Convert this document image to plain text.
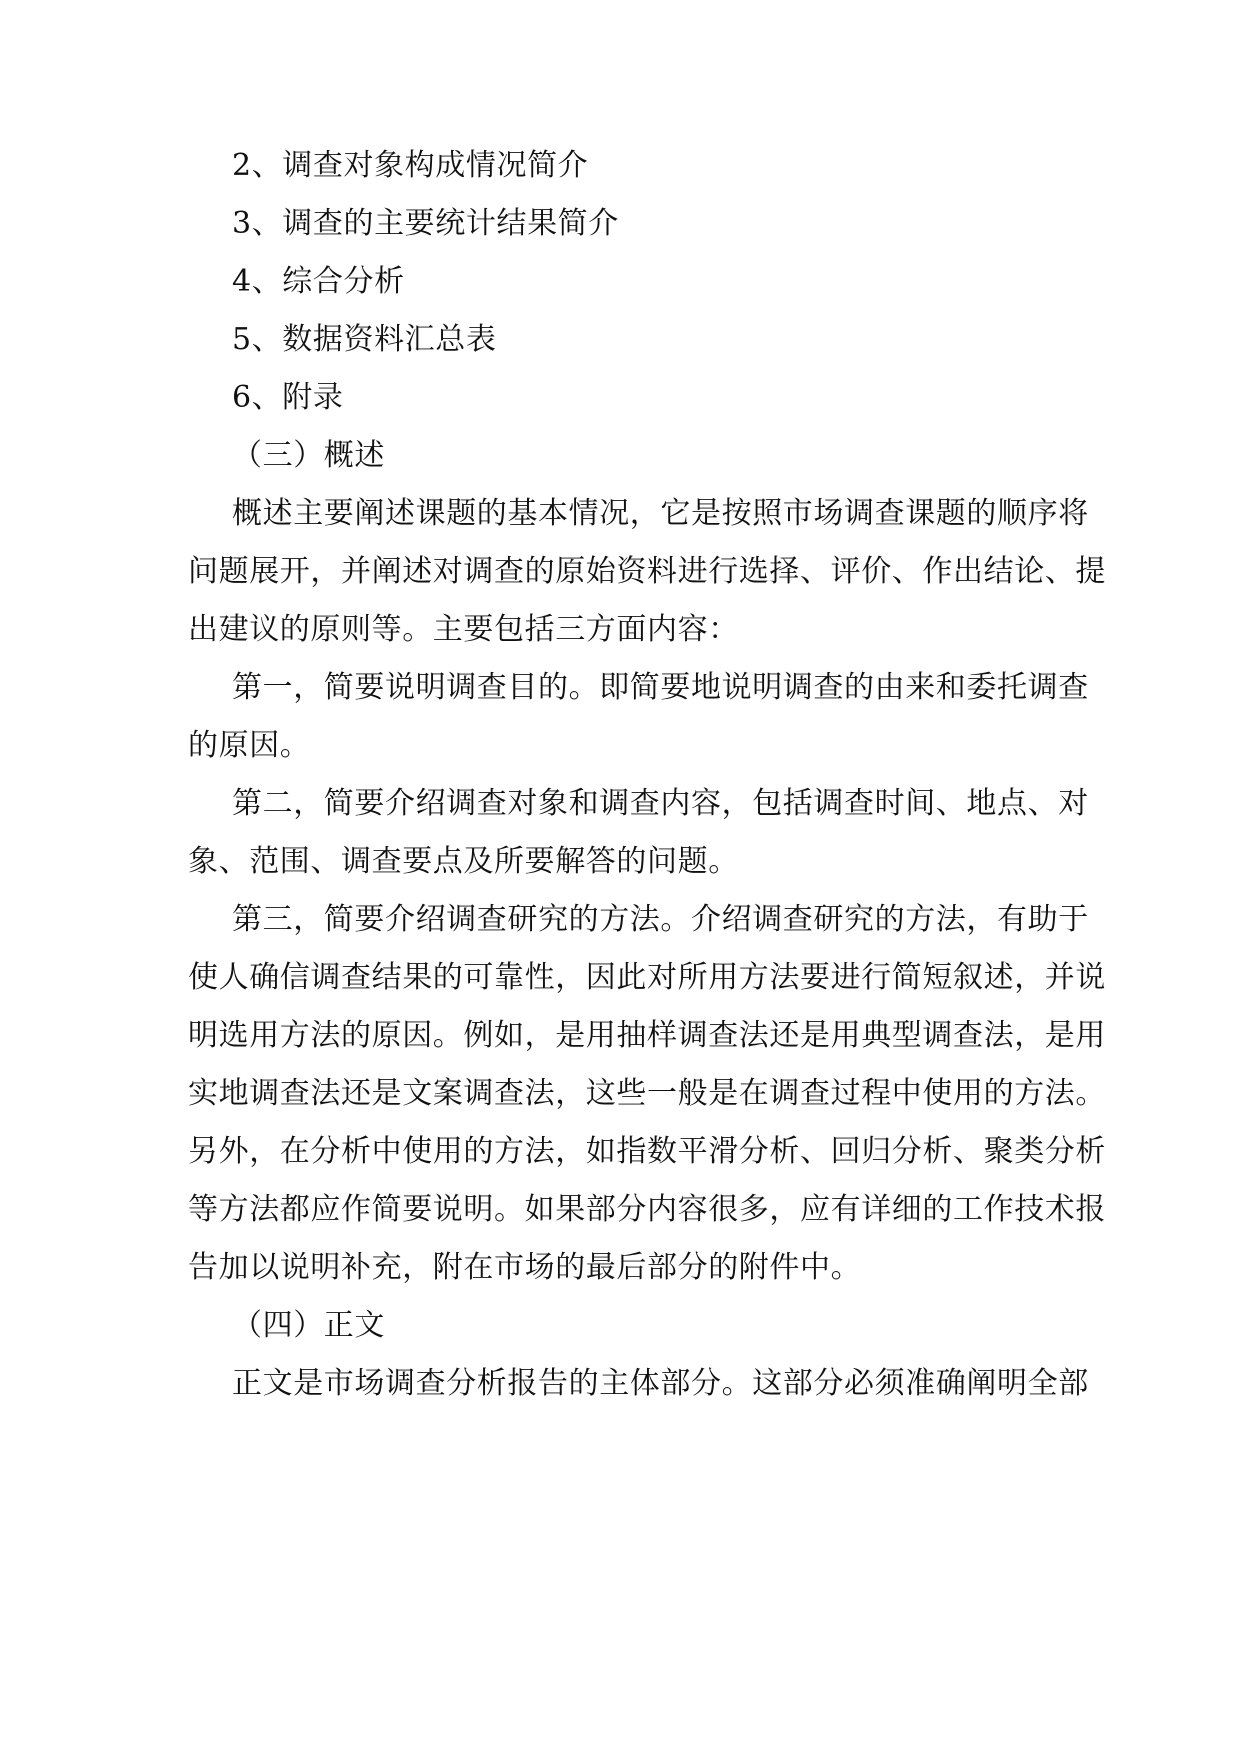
2、调查对象构成情况简介

3、调查的主要统计结果简介

4、综合分析

5、数据资料汇总表

6、附录

（三）概述

概述主要阐述课题的基本情况，它是按照市场调查课题的顺序将

问题展开，并阐述对调查的原始资料进行选择、评价、作出结论、提

出建议的原则等。主要包括三方面内容：

第一，简要说明调查目的。即简要地说明调查的由来和委托调查

的原因。

第二，简要介绍调查对象和调查内容，包括调查时间、地点、对

象、范围、调查要点及所要解答的问题。

第三，简要介绍调查研究的方法。介绍调查研究的方法，有助于

使人确信调查结果的可靠性，因此对所用方法要进行简短叙述，并说

明选用方法的原因。例如，是用抽样调查法还是用典型调查法，是用

实地调查法还是文案调查法，这些一般是在调查过程中使用的方法。

另外，在分析中使用的方法，如指数平滑分析、回归分析、聚类分析

等方法都应作简要说明。如果部分内容很多，应有详细的工作技术报

告加以说明补充，附在市场的最后部分的附件中。

（四）正文

正文是市场调查分析报告的主体部分。这部分必须准确阐明全部
